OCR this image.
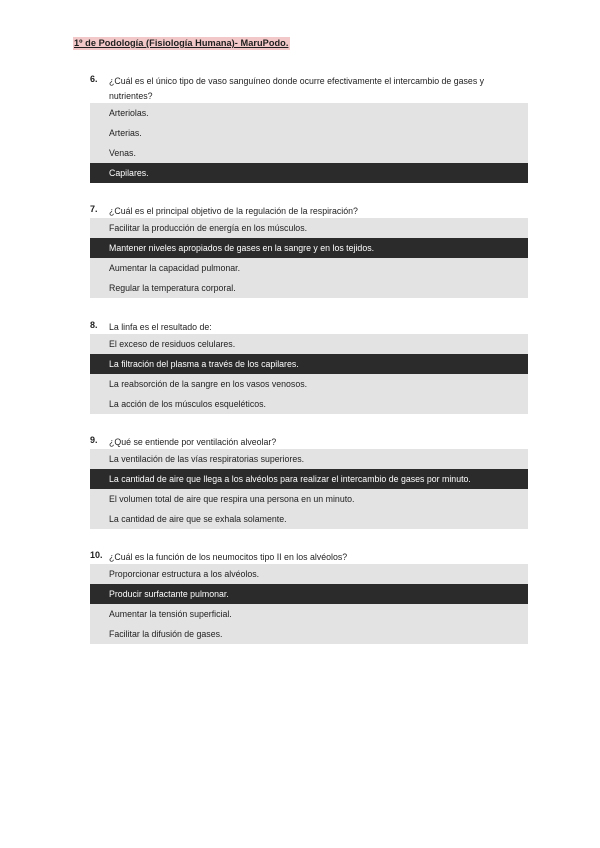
1º de Podología (Fisiología Humana)- MaruPodo.
6. ¿Cuál es el único tipo de vaso sanguíneo donde ocurre efectivamente el intercambio de gases y nutrientes?
Arteriolas.
Arterias.
Venas.
Capilares.
7. ¿Cuál es el principal objetivo de la regulación de la respiración?
Facilitar la producción de energía en los músculos.
Mantener niveles apropiados de gases en la sangre y en los tejidos.
Aumentar la capacidad pulmonar.
Regular la temperatura corporal.
8. La linfa es el resultado de:
El exceso de residuos celulares.
La filtración del plasma a través de los capilares.
La reabsorción de la sangre en los vasos venosos.
La acción de los músculos esqueléticos.
9. ¿Qué se entiende por ventilación alveolar?
La ventilación de las vías respiratorias superiores.
La cantidad de aire que llega a los alvéolos para realizar el intercambio de gases por minuto.
El volumen total de aire que respira una persona en un minuto.
La cantidad de aire que se exhala solamente.
10. ¿Cuál es la función de los neumocitos tipo II en los alvéolos?
Proporcionar estructura a los alvéolos.
Producir surfactante pulmonar.
Aumentar la tensión superficial.
Facilitar la difusión de gases.
